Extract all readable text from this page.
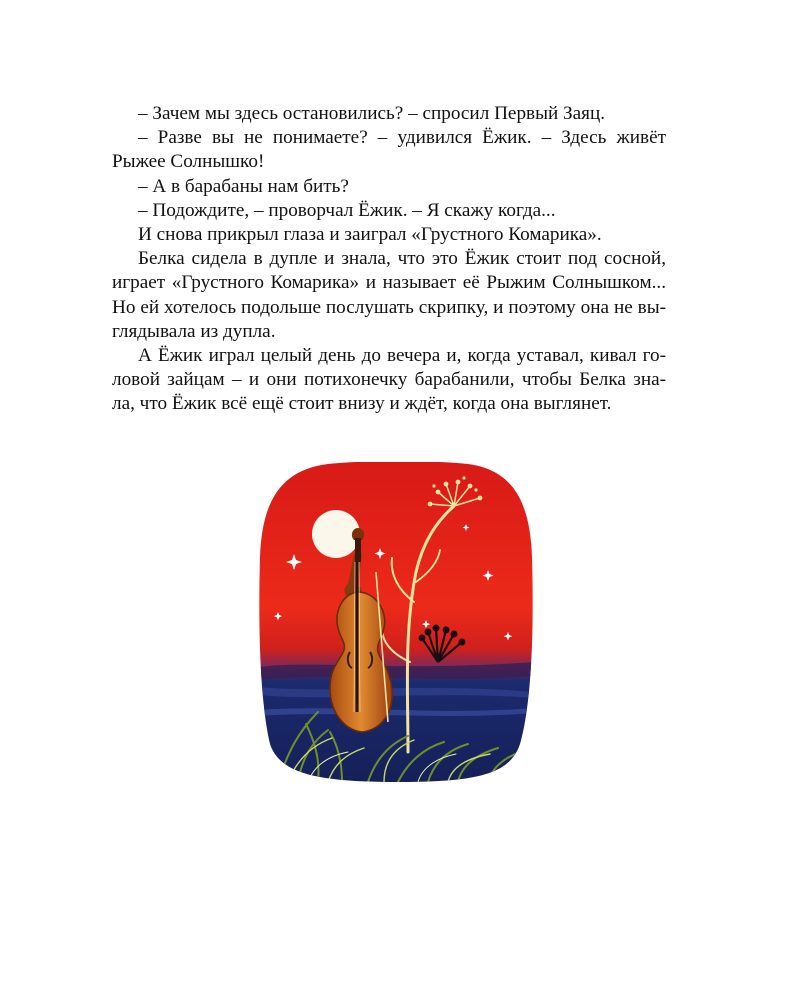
– Зачем мы здесь остановились? – спросил Первый Заяц.
– Разве вы не понимаете? – удивился Ёжик. – Здесь живёт
Рыжее Солнышко!
– А в барабаны нам бить?
– Подождите, – проворчал Ёжик. – Я скажу когда...
И снова прикрыл глаза и заиграл «Грустного Комарика».
Белка сидела в дупле и знала, что это Ёжик стоит под сосной,
играет «Грустного Комарика» и называет её Рыжим Солнышком...
Но ей хотелось подольше послушать скрипку, и поэтому она не вы-
глядывала из дупла.
А Ёжик играл целый день до вечера и, когда уставал, кивал го-
ловой зайцам – и они потихонечку барабанили, чтобы Белка зна-
ла, что Ёжик всё ещё стоит внизу и ждёт, когда она выглянет.
